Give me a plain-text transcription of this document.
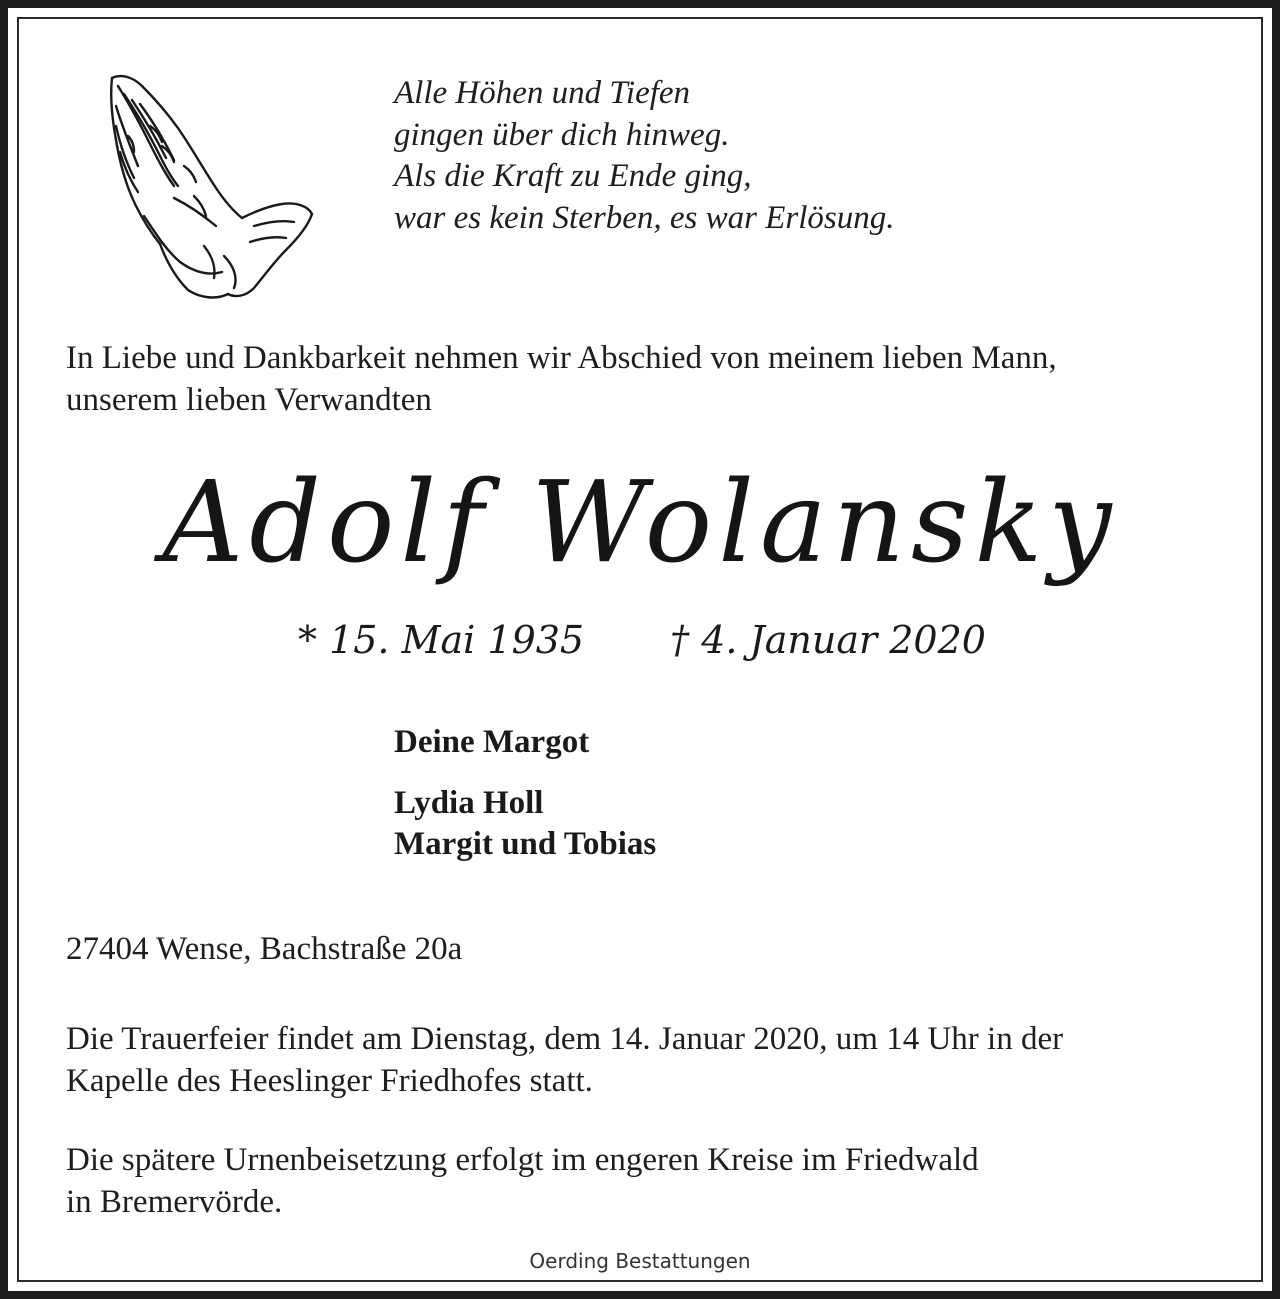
Alle Höhen und Tiefen
gingen über dich hinweg.
Als die Kraft zu Ende ging,
war es kein Sterben, es war Erlösung.
In Liebe und Dankbarkeit nehmen wir Abschied von meinem lieben Mann,
unserem lieben Verwandten
Adolf Wolansky
* 15. Mai 1935 † 4. Januar 2020
Deine Margot
Lydia Holl
Margit und Tobias
27404 Wense, Bachstraße 20a
Die Trauerfeier findet am Dienstag, dem 14. Januar 2020, um 14 Uhr in der
Kapelle des Heeslinger Friedhofes statt.
Die spätere Urnenbeisetzung erfolgt im engeren Kreise im Friedwald
in Bremervörde.
Oerding Bestattungen
